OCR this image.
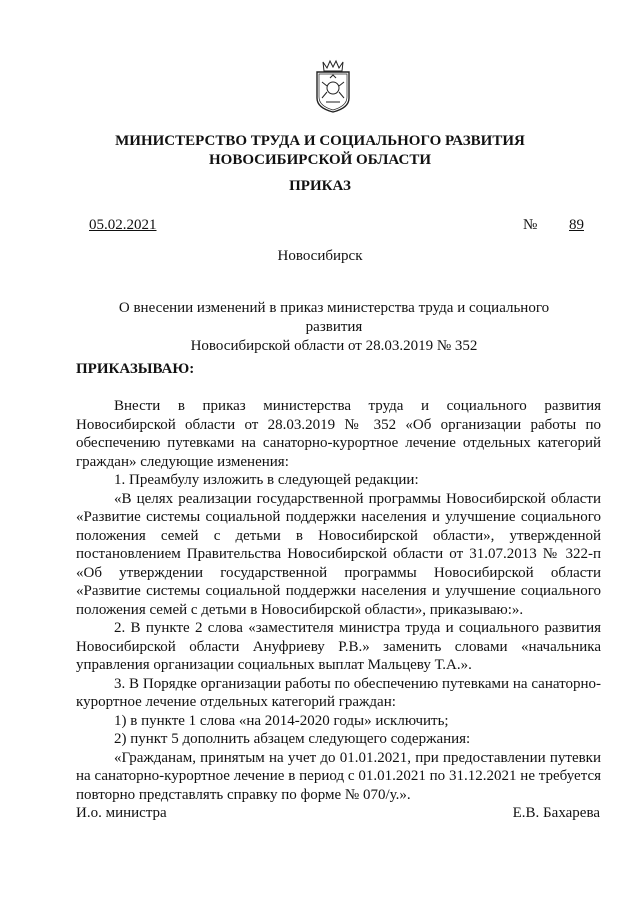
МИНИСТЕРСТВО ТРУДА И СОЦИАЛЬНОГО РАЗВИТИЯ
НОВОСИБИРСКОЙ ОБЛАСТИ
ПРИКАЗ
05.02.2021	№ 89
Новосибирск
О внесении изменений в приказ министерства труда и социального развития
Новосибирской области от 28.03.2019 № 352
ПРИКАЗЫВАЮ:

Внести в приказ министерства труда и социального развития Новосибирской области от 28.03.2019 № 352 «Об организации работы по обеспечению путевками на санаторно-курортное лечение отдельных категорий граждан» следующие изменения:

1. Преамбулу изложить в следующей редакции:

«В целях реализации государственной программы Новосибирской области «Развитие системы социальной поддержки населения и улучшение социального положения семей с детьми в Новосибирской области», утвержденной постановлением Правительства Новосибирской области от 31.07.2013 № 322-п «Об утверждении государственной программы Новосибирской области «Развитие системы социальной поддержки населения и улучшение социального положения семей с детьми в Новосибирской области», приказываю:».

2. В пункте 2 слова «заместителя министра труда и социального развития Новосибирской области Ануфриеву Р.В.» заменить словами «начальника управления организации социальных выплат Мальцеву Т.А.».

3. В Порядке организации работы по обеспечению путевками на санаторно-курортное лечение отдельных категорий граждан:

1) в пункте 1 слова «на 2014-2020 годы» исключить;

2) пункт 5 дополнить абзацем следующего содержания:

«Гражданам, принятым на учет до 01.01.2021, при предоставлении путевки на санаторно-курортное лечение в период с 01.01.2021 по 31.12.2021 не требуется повторно представлять справку по форме № 070/у.».

И.о. министра	Е.В. Бахарева
